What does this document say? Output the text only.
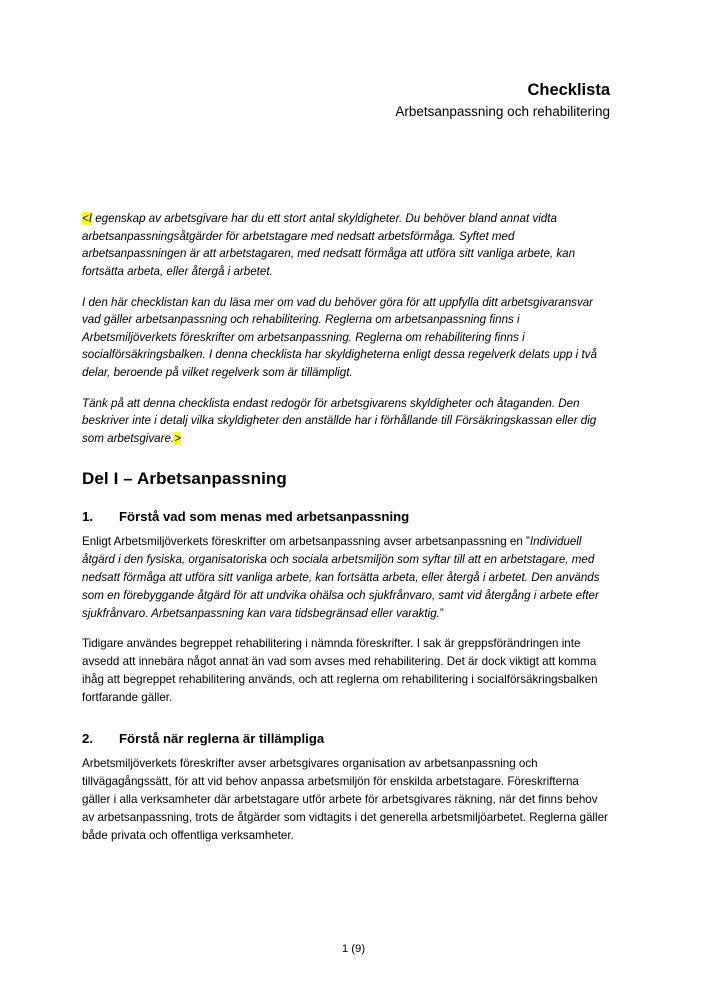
Checklista
Arbetsanpassning och rehabilitering

<I egenskap av arbetsgivare har du ett stort antal skyldigheter. Du behöver bland annat vidta arbetsanpassningsåtgärder för arbetstagare med nedsatt arbetsförmåga. Syftet med arbetsanpassningen är att arbetstagaren, med nedsatt förmåga att utföra sitt vanliga arbete, kan fortsätta arbeta, eller återgå i arbetet.

I den här checklistan kan du läsa mer om vad du behöver göra för att uppfylla ditt arbetsgivaransvar vad gäller arbetsanpassning och rehabilitering. Reglerna om arbetsanpassning finns i Arbetsmiljöverkets föreskrifter om arbetsanpassning. Reglerna om rehabilitering finns i socialförsäkringsbalken. I denna checklista har skyldigheterna enligt dessa regelverk delats upp i två delar, beroende på vilket regelverk som är tillämpligt.

Tänk på att denna checklista endast redogör för arbetsgivarens skyldigheter och åtaganden. Den beskriver inte i detalj vilka skyldigheter den anställde har i förhållande till Försäkringskassan eller dig som arbetsgivare.>

Del I – Arbetsanpassning
1. Förstå vad som menas med arbetsanpassning

Enligt Arbetsmiljöverkets föreskrifter om arbetsanpassning avser arbetsanpassning en ”Individuell åtgärd i den fysiska, organisatoriska och sociala arbetsmiljön som syftar till att en arbetstagare, med nedsatt förmåga att utföra sitt vanliga arbete, kan fortsätta arbeta, eller återgå i arbetet. Den används som en förebyggande åtgärd för att undvika ohälsa och sjukfrånvaro, samt vid återgång i arbete efter sjukfrånvaro. Arbetsanpassning kan vara tidsbegränsad eller varaktig.”

Tidigare användes begreppet rehabilitering i nämnda föreskrifter. I sak är greppsförändringen inte avsedd att innebära något annat än vad som avses med rehabilitering. Det är dock viktigt att komma ihåg att begreppet rehabilitering används, och att reglerna om rehabilitering i socialförsäkringsbalken fortfarande gäller.

2. Förstå när reglerna är tillämpliga

Arbetsmiljöverkets föreskrifter avser arbetsgivares organisation av arbetsanpassning och tillvägagångssätt, för att vid behov anpassa arbetsmiljön för enskilda arbetstagare. Föreskrifterna gäller i alla verksamheter där arbetstagare utför arbete för arbetsgivares räkning, när det finns behov av arbetsanpassning, trots de åtgärder som vidtagits i det generella arbetsmiljöarbetet. Reglerna gäller både privata och offentliga verksamheter.

1 (9)
